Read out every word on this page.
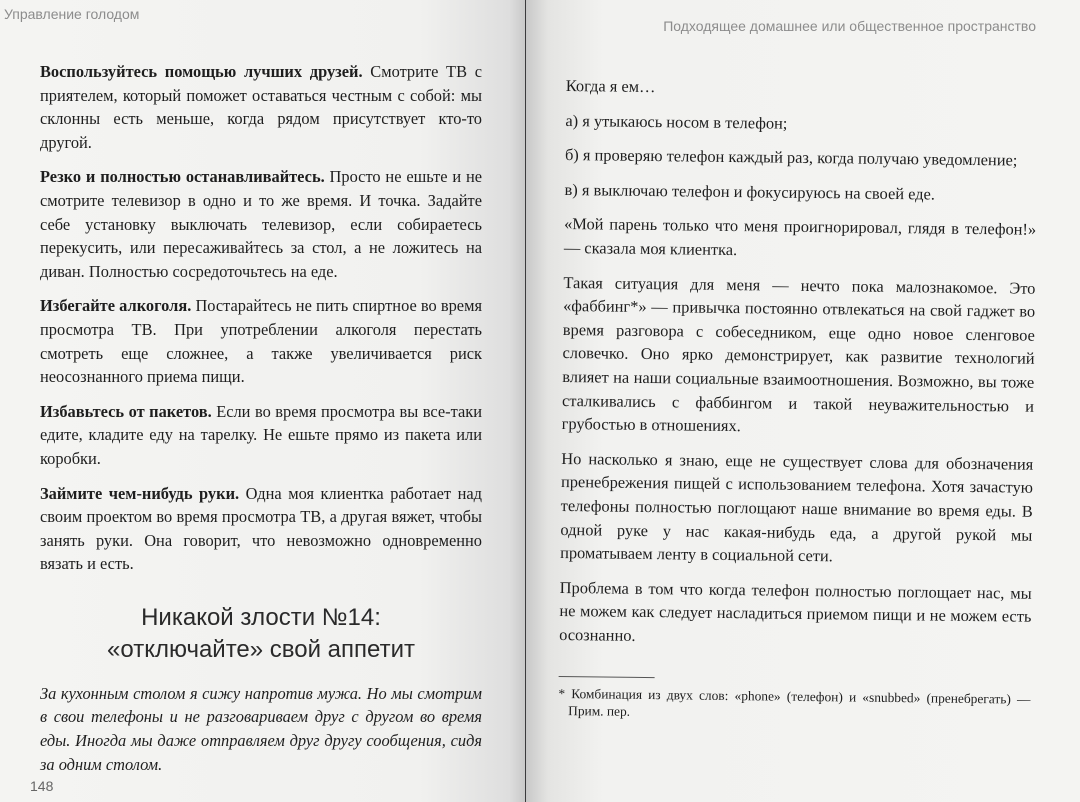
Управление голодом

Воспользуйтесь помощью лучших друзей. Смотрите ТВ с приятелем, который поможет оставаться честным с собой: мы склонны есть меньше, когда рядом присутствует кто-то другой.

Резко и полностью останавливайтесь. Просто не ешьте и не смотрите телевизор в одно и то же время. И точка. Задайте себе установку выключать телевизор, если собираетесь перекусить, или пересаживайтесь за стол, а не ложитесь на диван. Полностью сосредоточьтесь на еде.

Избегайте алкоголя. Постарайтесь не пить спиртное во время просмотра ТВ. При употреблении алкоголя перестать смотреть еще сложнее, а также увеличивается риск неосознанного приема пищи.

Избавьтесь от пакетов. Если во время просмотра вы все-таки едите, кладите еду на тарелку. Не ешьте прямо из пакета или коробки.

Займите чем-нибудь руки. Одна моя клиентка работает над своим проектом во время просмотра ТВ, а другая вяжет, чтобы занять руки. Она говорит, что невозможно одновременно вязать и есть.

Никакой злости №14:
«отключайте» свой аппетит

За кухонным столом я сижу напротив мужа. Но мы смотрим в свои телефоны и не разговариваем друг с другом во время еды. Иногда мы даже отправляем друг другу сообщения, сидя за одним столом.

148
Подходящее домашнее или общественное пространство

Когда я ем…

а) я утыкаюсь носом в телефон;

б) я проверяю телефон каждый раз, когда получаю уведомление;

в) я выключаю телефон и фокусируюсь на своей еде.

«Мой парень только что меня проигнорировал, глядя в телефон!» — сказала моя клиентка.

Такая ситуация для меня — нечто пока малознакомое. Это «фаббинг*» — привычка постоянно отвлекаться на свой гаджет во время разговора с собеседником, еще одно новое сленговое словечко. Оно ярко демонстрирует, как развитие технологий влияет на наши социальные взаимоотношения. Возможно, вы тоже сталкивались с фаббингом и такой неуважительностью и грубостью в отношениях.

Но насколько я знаю, еще не существует слова для обозначения пренебрежения пищей с использованием телефона. Хотя зачастую телефоны полностью поглощают наше внимание во время еды. В одной руке у нас какая-нибудь еда, а другой рукой мы проматываем ленту в социальной сети.

Проблема в том что когда телефон полностью поглощает нас, мы не можем как следует насладиться приемом пищи и не можем есть осознанно.

* Комбинация из двух слов: «phone» (телефон) и «snubbed» (пренебрегать) — Прим. пер.
